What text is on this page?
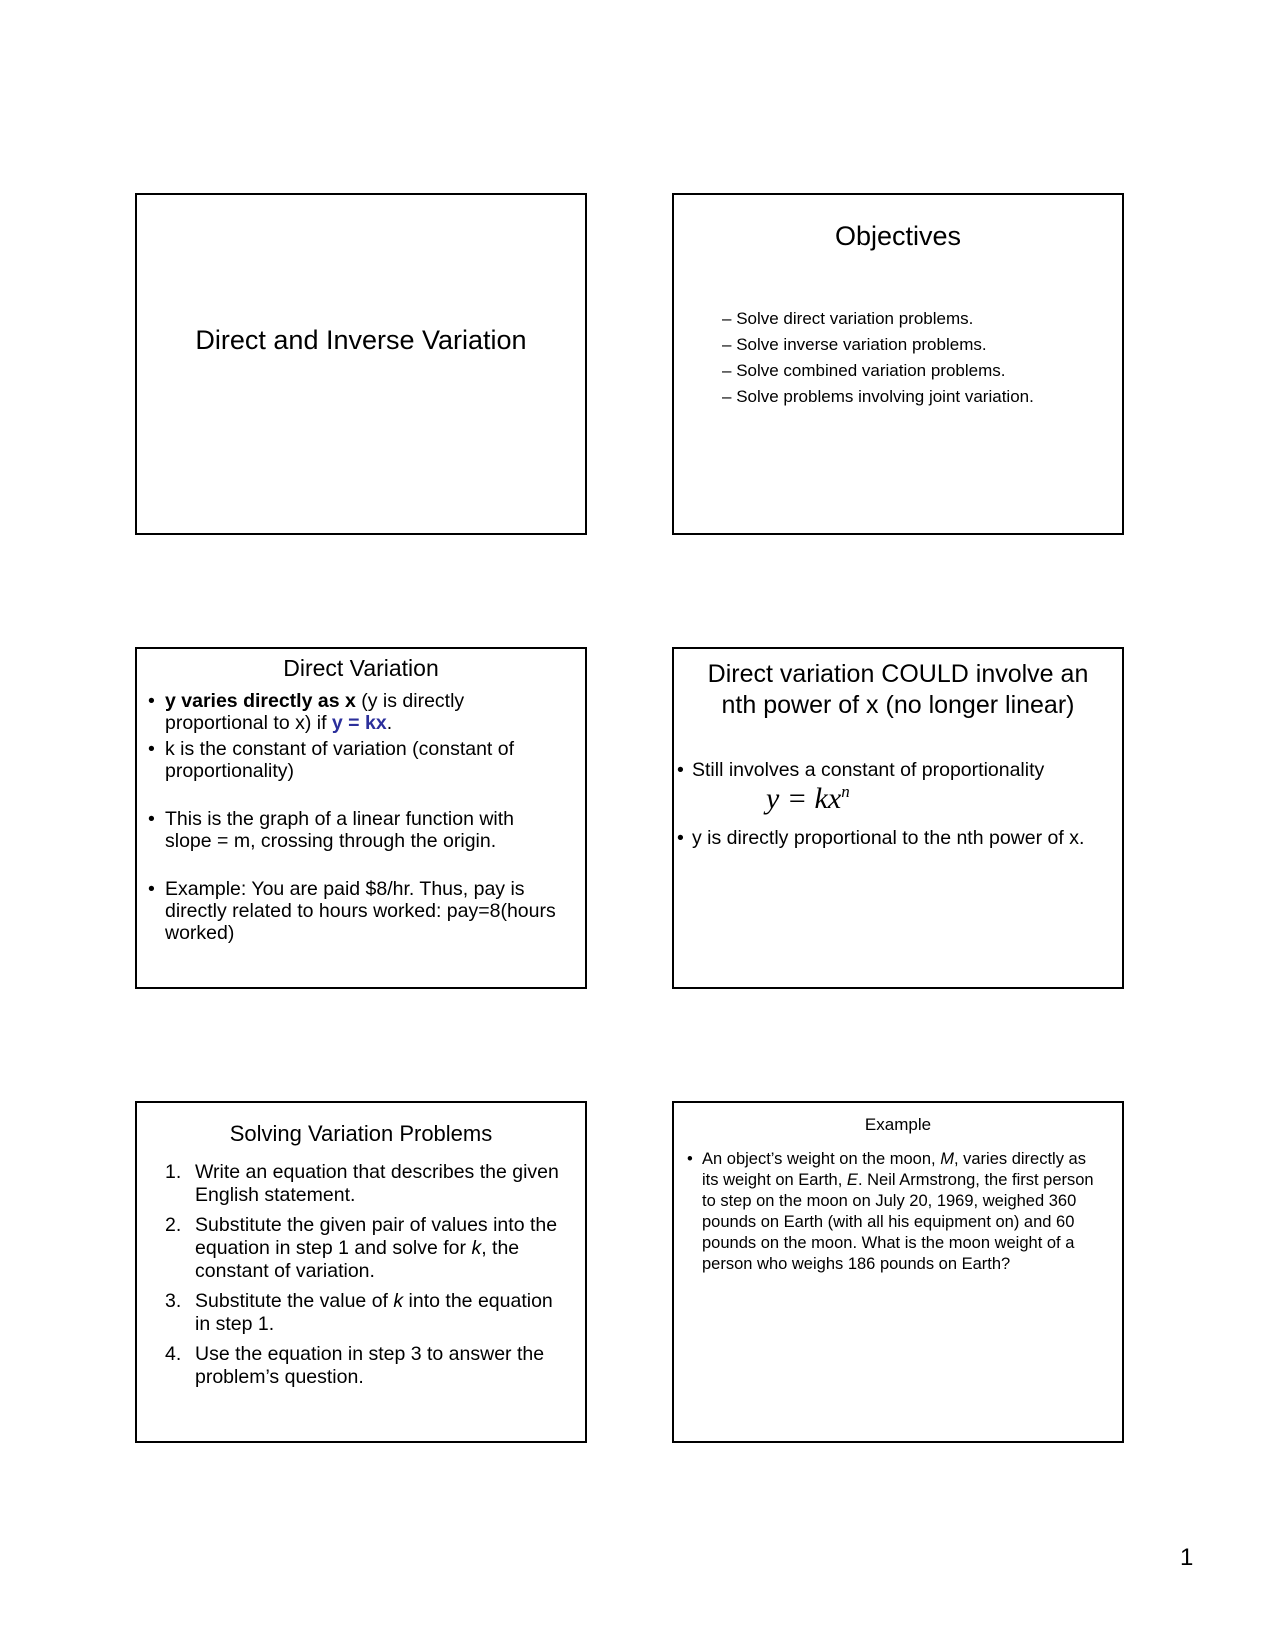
Direct and Inverse Variation
Objectives
– Solve direct variation problems.
– Solve inverse variation problems.
– Solve combined variation problems.
– Solve problems involving joint variation.
Direct Variation
• y varies directly as x (y is directly proportional to x) if y = kx.
• k is the constant of variation (constant of proportionality)
• This is the graph of a linear function with slope = m, crossing through the origin.
• Example: You are paid $8/hr. Thus, pay is directly related to hours worked: pay=8(hours worked)
Direct variation COULD involve an nth power of x (no longer linear)
• Still involves a constant of proportionality
$y = kx^n$
• y is directly proportional to the nth power of x.
Solving Variation Problems
1. Write an equation that describes the given English statement.
2. Substitute the given pair of values into the equation in step 1 and solve for k, the constant of variation.
3. Substitute the value of k into the equation in step 1.
4. Use the equation in step 3 to answer the problem’s question.
Example
• An object’s weight on the moon, M, varies directly as its weight on Earth, E. Neil Armstrong, the first person to step on the moon on July 20, 1969, weighed 360 pounds on Earth (with all his equipment on) and 60 pounds on the moon. What is the moon weight of a person who weighs 186 pounds on Earth?
1
